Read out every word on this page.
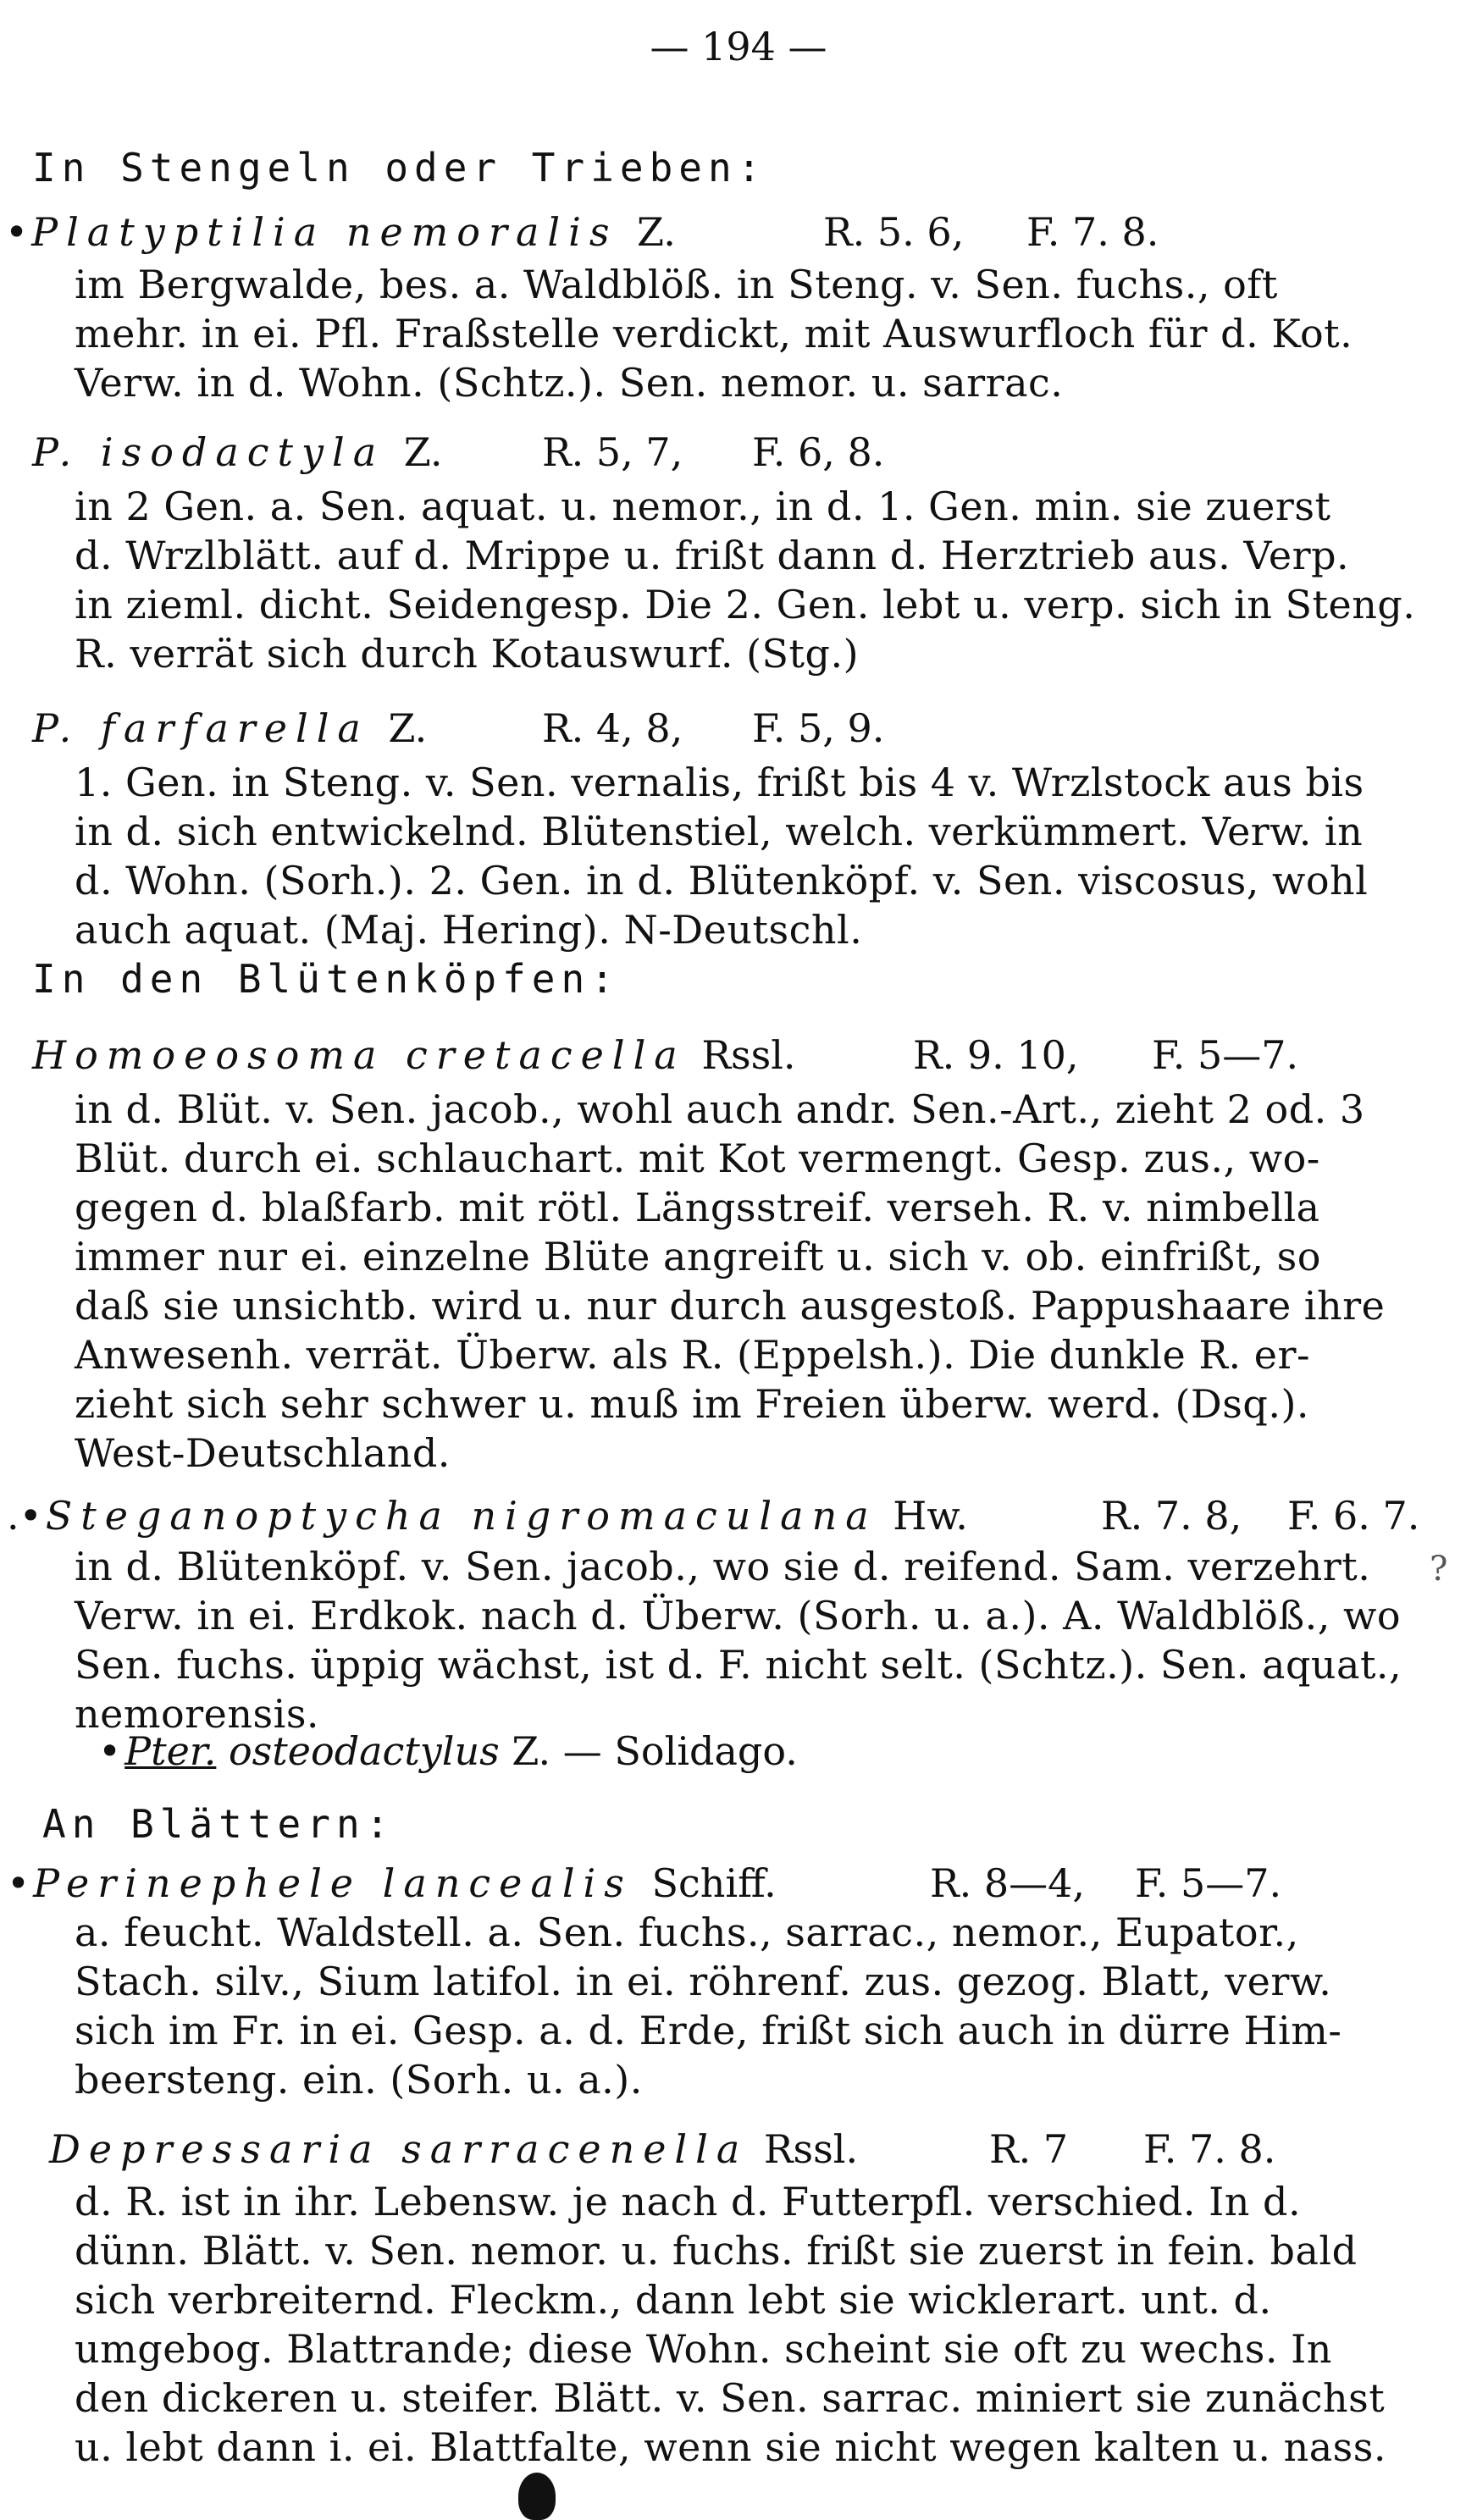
— 194 —
In Stengeln oder Trieben:
•Platyptilia nemoralis Z.	R. 5. 6, F. 7. 8.
im Bergwalde, bes. a. Waldblöß. in Steng. v. Sen. fuchs., oft
mehr. in ei. Pfl. Fraßstelle verdickt, mit Auswurfloch für d. Kot.
Verw. in d. Wohn. (Schtz.). Sen. nemor. u. sarrac.
P. isodactyla Z.	R. 5, 7, F. 6, 8.
in 2 Gen. a. Sen. aquat. u. nemor., in d. 1. Gen. min. sie zuerst
d. Wrzlblätt. auf d. Mrippe u. frißt dann d. Herztrieb aus. Verp.
in zieml. dicht. Seidengesp. Die 2. Gen. lebt u. verp. sich in Steng.
R. verrät sich durch Kotauswurf. (Stg.)
P. farfarella Z.	R. 4, 8, F. 5, 9.
1. Gen. in Steng. v. Sen. vernalis, frißt bis 4 v. Wrzlstock aus bis
in d. sich entwickelnd. Blütenstiel, welch. verkümmert. Verw. in
d. Wohn. (Sorh.). 2. Gen. in d. Blütenköpf. v. Sen. viscosus, wohl
auch aquat. (Maj. Hering). N-Deutschl.
In den Blütenköpfen:
Homoeosoma cretacella Rssl.	R. 9. 10, F. 5—7.
in d. Blüt. v. Sen. jacob., wohl auch andr. Sen.-Art., zieht 2 od. 3
Blüt. durch ei. schlauchart. mit Kot vermengt. Gesp. zus., wo-
gegen d. blaßfarb. mit rötl. Längsstreif. verseh. R. v. nimbella
immer nur ei. einzelne Blüte angreift u. sich v. ob. einfrißt, so
daß sie unsichtb. wird u. nur durch ausgestoß. Pappushaare ihre
Anwesenh. verrät. Überw. als R. (Eppelsh.). Die dunkle R. er-
zieht sich sehr schwer u. muß im Freien überw. werd. (Dsq.).
West-Deutschland.
.•Steganoptycha nigromaculana Hw.	R. 7. 8, F. 6. 7.
in d. Blütenköpf. v. Sen. jacob., wo sie d. reifend. Sam. verzehrt. ?
Verw. in ei. Erdkok. nach d. Überw. (Sorh. u. a.). A. Waldblöß., wo
Sen. fuchs. üppig wächst, ist d. F. nicht selt. (Schtz.). Sen. aquat.,
nemorensis.
•Pter. osteodactylus Z. — Solidago.
An Blättern:
•Perinephele lancealis Schiff.	R. 8—4, F. 5—7.
a. feucht. Waldstell. a. Sen. fuchs., sarrac., nemor., Eupator.,
Stach. silv., Sium latifol. in ei. röhrenf. zus. gezog. Blatt, verw.
sich im Fr. in ei. Gesp. a. d. Erde, frißt sich auch in dürre Him-
beersteng. ein. (Sorh. u. a.).
Depressaria sarracenella Rssl.	R. 7 F. 7. 8.
d. R. ist in ihr. Lebensw. je nach d. Futterpfl. verschied. In d.
dünn. Blätt. v. Sen. nemor. u. fuchs. frißt sie zuerst in fein. bald
sich verbreiternd. Fleckm., dann lebt sie wicklerart. unt. d.
umgebog. Blattrande; diese Wohn. scheint sie oft zu wechs. In
den dickeren u. steifer. Blätt. v. Sen. sarrac. miniert sie zunächst
u. lebt dann i. ei. Blattfalte, wenn sie nicht wegen kalten u. nass.
